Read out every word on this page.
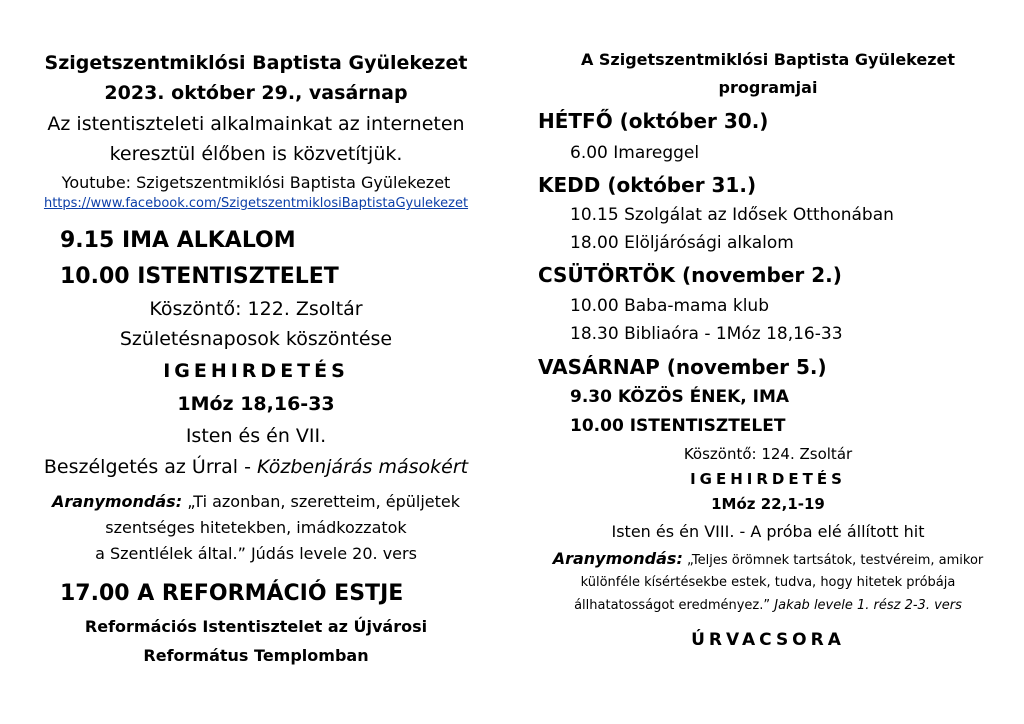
Szigetszentmiklósi Baptista Gyülekezet
2023. október 29., vasárnap
Az istentiszteleti alkalmainkat az interneten
keresztül élőben is közvetítjük.
Youtube: Szigetszentmiklósi Baptista Gyülekezet
https://www.facebook.com/SzigetszentmiklosiBaptistaGyulekezet
9.15 IMA ALKALOM
10.00 ISTENTISZTELET
Köszöntő: 122. Zsoltár
Születésnaposok köszöntése
IGEHIRDETÉS
1Móz 18,16-33
Isten és én VII.
Beszélgetés az Úrral - Közbenjárás másokért
Aranymondás: „Ti azonban, szeretteim, épüljetek
szentséges hitetekben, imádkozzatok
a Szentlélek által.” Júdás levele 20. vers
17.00 A REFORMÁCIÓ ESTJE
Reformációs Istentisztelet az Újvárosi
Református Templomban
A Szigetszentmiklósi Baptista Gyülekezet
programjai
HÉTFŐ (október 30.)
6.00 Imareggel
KEDD (október 31.)
10.15 Szolgálat az Idősek Otthonában
18.00 Elöljárósági alkalom
CSÜTÖRTÖK (november 2.)
10.00 Baba-mama klub
18.30 Bibliaóra - 1Móz 18,16-33
VASÁRNAP (november 5.)
9.30 KÖZÖS ÉNEK, IMA
10.00 ISTENTISZTELET
Köszöntő: 124. Zsoltár
IGEHIRDETÉS
1Móz 22,1-19
Isten és én VIII. - A próba elé állított hit
Aranymondás: „Teljes örömnek tartsátok, testvéreim, amikor
különféle kísértésekbe estek, tudva, hogy hitetek próbája
állhatatosságot eredményez.” Jakab levele 1. rész 2-3. vers
ÚRVACSORA
